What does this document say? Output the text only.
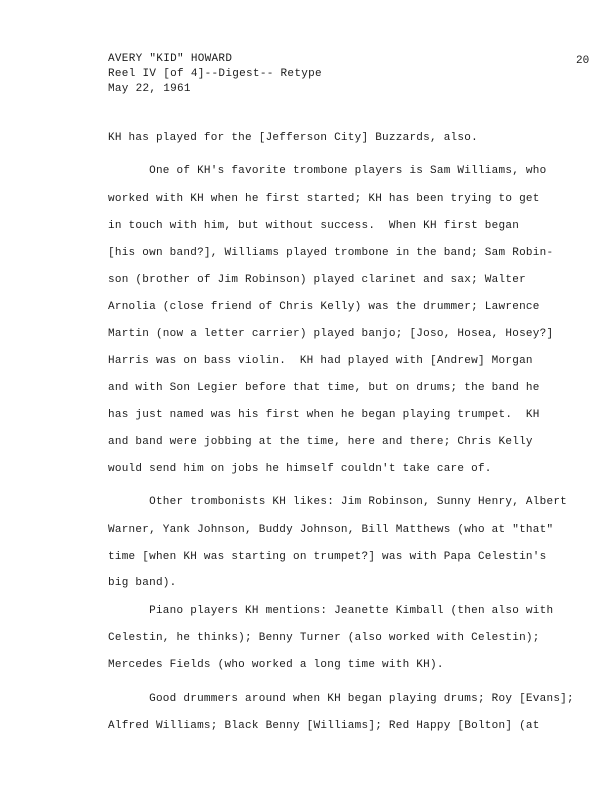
AVERY "KID" HOWARD
Reel IV [of 4]--Digest-- Retype
May 22, 1961
20
KH has played for the [Jefferson City] Buzzards, also.
One of KH's favorite trombone players is Sam Williams, who
worked with KH when he first started; KH has been trying to get
in touch with him, but without success.  When KH first began
[his own band?], Williams played trombone in the band; Sam Robin-
son (brother of Jim Robinson) played clarinet and sax; Walter
Arnolia (close friend of Chris Kelly) was the drummer; Lawrence
Martin (now a letter carrier) played banjo; [Joso, Hosea, Hosey?]
Harris was on bass violin.  KH had played with [Andrew] Morgan
and with Son Legier before that time, but on drums; the band he
has just named was his first when he began playing trumpet.  KH
and band were jobbing at the time, here and there; Chris Kelly
would send him on jobs he himself couldn't take care of.
Other trombonists KH likes: Jim Robinson, Sunny Henry, Albert
Warner, Yank Johnson, Buddy Johnson, Bill Matthews (who at "that"
time [when KH was starting on trumpet?] was with Papa Celestin's
big band).
Piano players KH mentions: Jeanette Kimball (then also with
Celestin, he thinks); Benny Turner (also worked with Celestin);
Mercedes Fields (who worked a long time with KH).
Good drummers around when KH began playing drums; Roy [Evans];
Alfred Williams; Black Benny [Williams]; Red Happy [Bolton] (at
